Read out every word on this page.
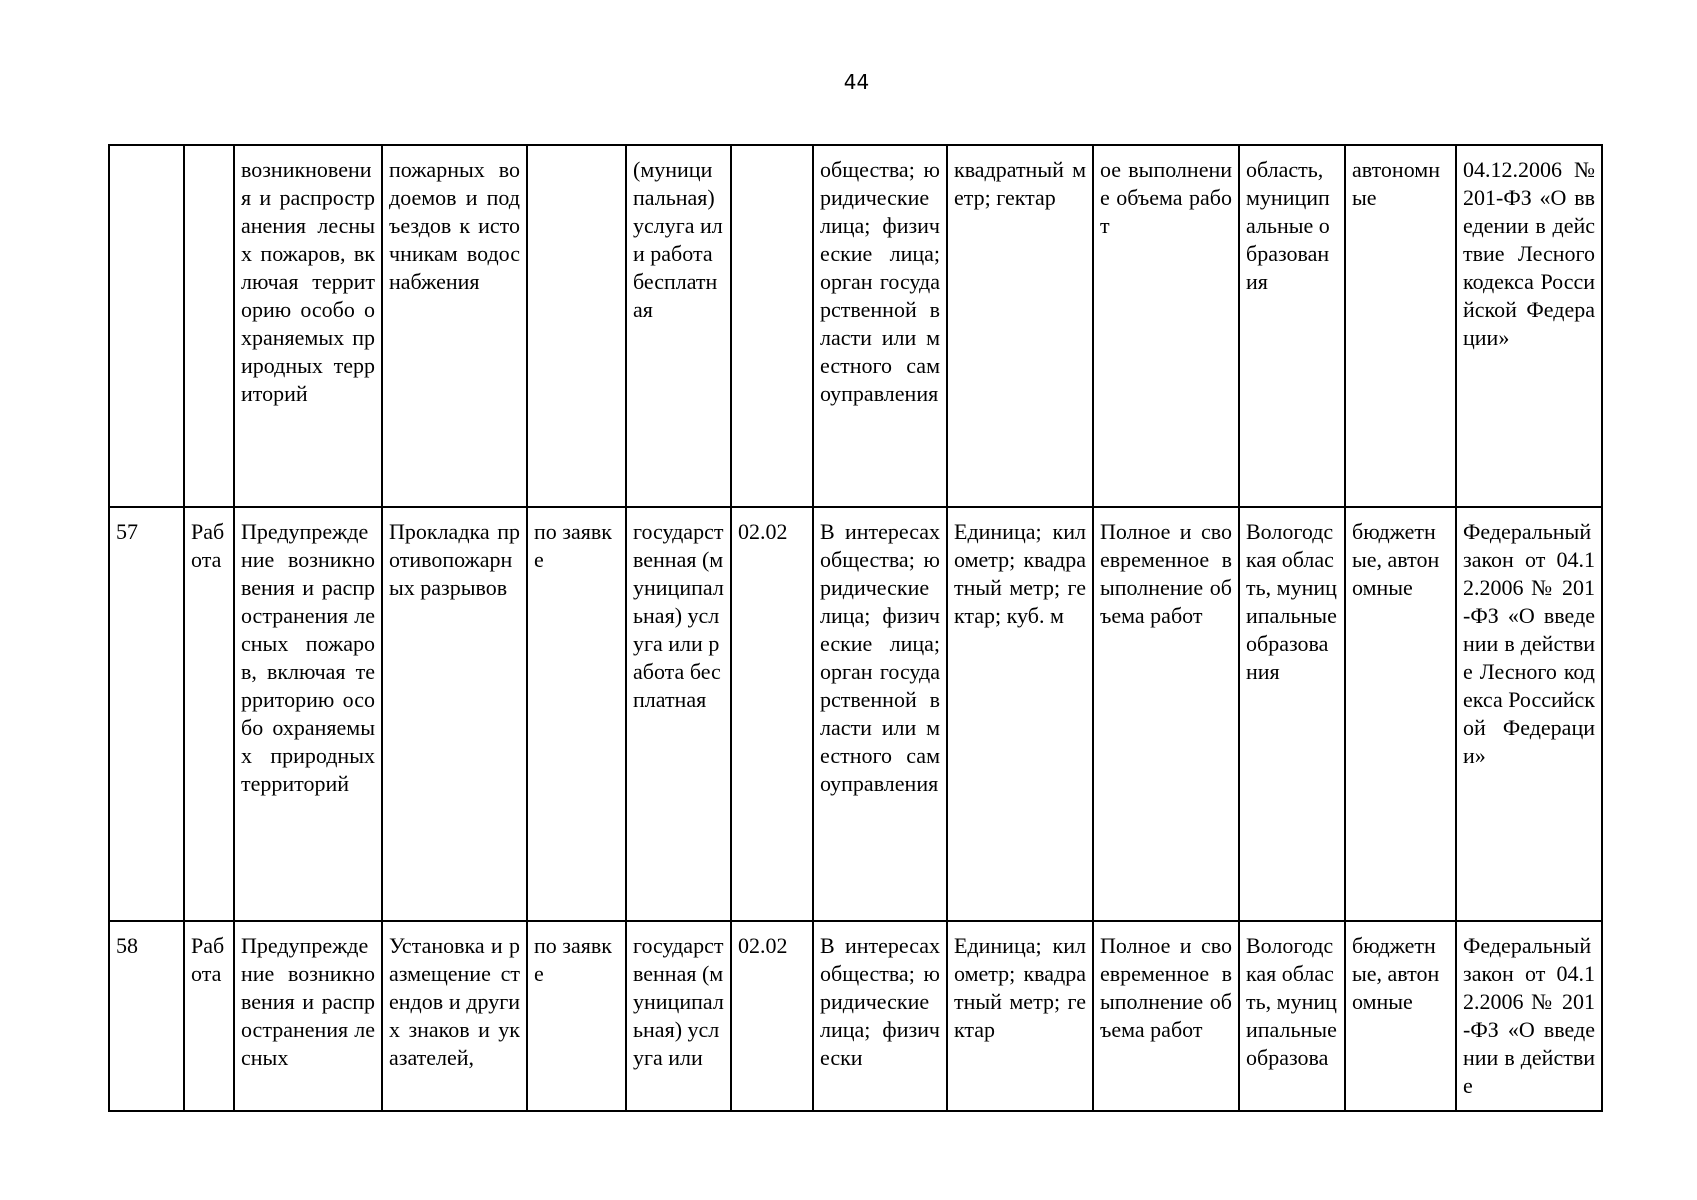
44
		возникновения и распространения лесных пожаров, включая территорию особо охраняемых природных территорий	пожарных водоемов и подъездов к источникам водоснабжения		(муниципальная) услуга или работа бесплатная		общества; юридические лица; физические лица; орган государственной власти или местного самоуправления	квадратный метр; гектар	ое выполнение объема работ	область, муниципальные образования	автономные	04.12.2006 № 201-ФЗ «О введении в действие Лесного кодекса Российской Федерации»
57	Работа	Предупреждение возникновения и распространения лесных пожаров, включая территорию особо охраняемых природных территорий	Прокладка противопожарных разрывов	по заявке	государственная (муниципальная) услуга или работа бесплатная	02.02	В интересах общества; юридические лица; физические лица; орган государственной власти или местного самоуправления	Единица; километр; квадратный метр; гектар; куб. м	Полное и своевременное выполнение объема работ	Вологодская область, муниципальные образования	бюджетные, автономные	Федеральный закон от 04.12.2006 № 201-ФЗ «О введении в действие Лесного кодекса Российской Федерации»
58	Работа	Предупреждение возникновения и распространения лесных	Установка и размещение стендов и других знаков и указателей,	по заявке	государственная (муниципальная) услуга или	02.02	В интересах общества; юридические лица; физически	Единица; километр; квадратный метр; гектар	Полное и своевременное выполнение объема работ	Вологодская область, муниципальные образова	бюджетные, автономные	Федеральный закон от 04.12.2006 № 201-ФЗ «О введении в действие
